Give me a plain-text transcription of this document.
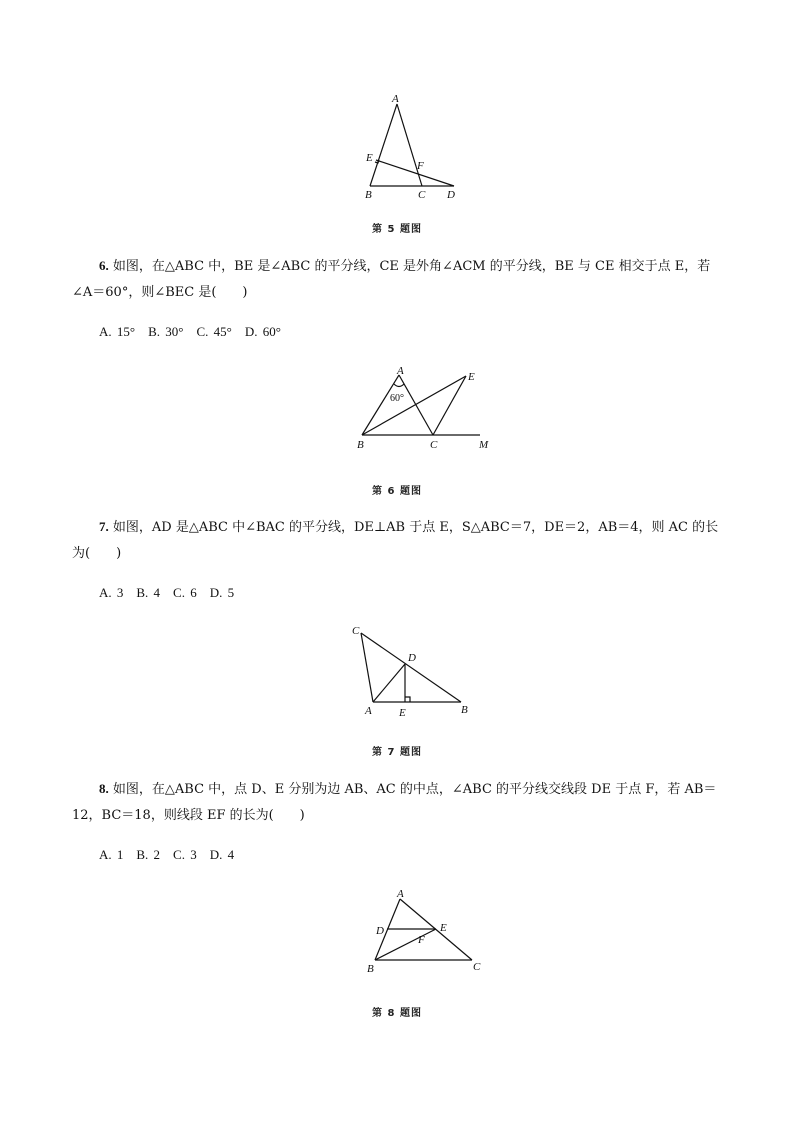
A
E
F
B	C D
第 5 题图
6. 如图，在△ABC 中，BE 是∠ABC 的平分线，CE 是外角∠ACM 的平分线，BE 与 CE 相交于点 E，若∠A＝60°，则∠BEC 是(　　)
A. 15°　B. 30°　C. 45°　D. 60°
A
60°
E
B	C	M
第 6 题图
7. 如图，AD 是△ABC 中∠BAC 的平分线，DE⊥AB 于点 E，S△ABC＝7，DE＝2，AB＝4，则 AC 的长为(　　)
A. 3　B. 4　C. 6　D. 5
C
D
A E	B
第 7 题图
8. 如图，在△ABC 中，点 D、E 分别为边 AB、AC 的中点，∠ABC 的平分线交线段 DE 于点 F，若 AB＝12，BC＝18，则线段 EF 的长为(　　)
A. 1　B. 2　C. 3　D. 4
A
D	E
F
B	C
第 8 题图
